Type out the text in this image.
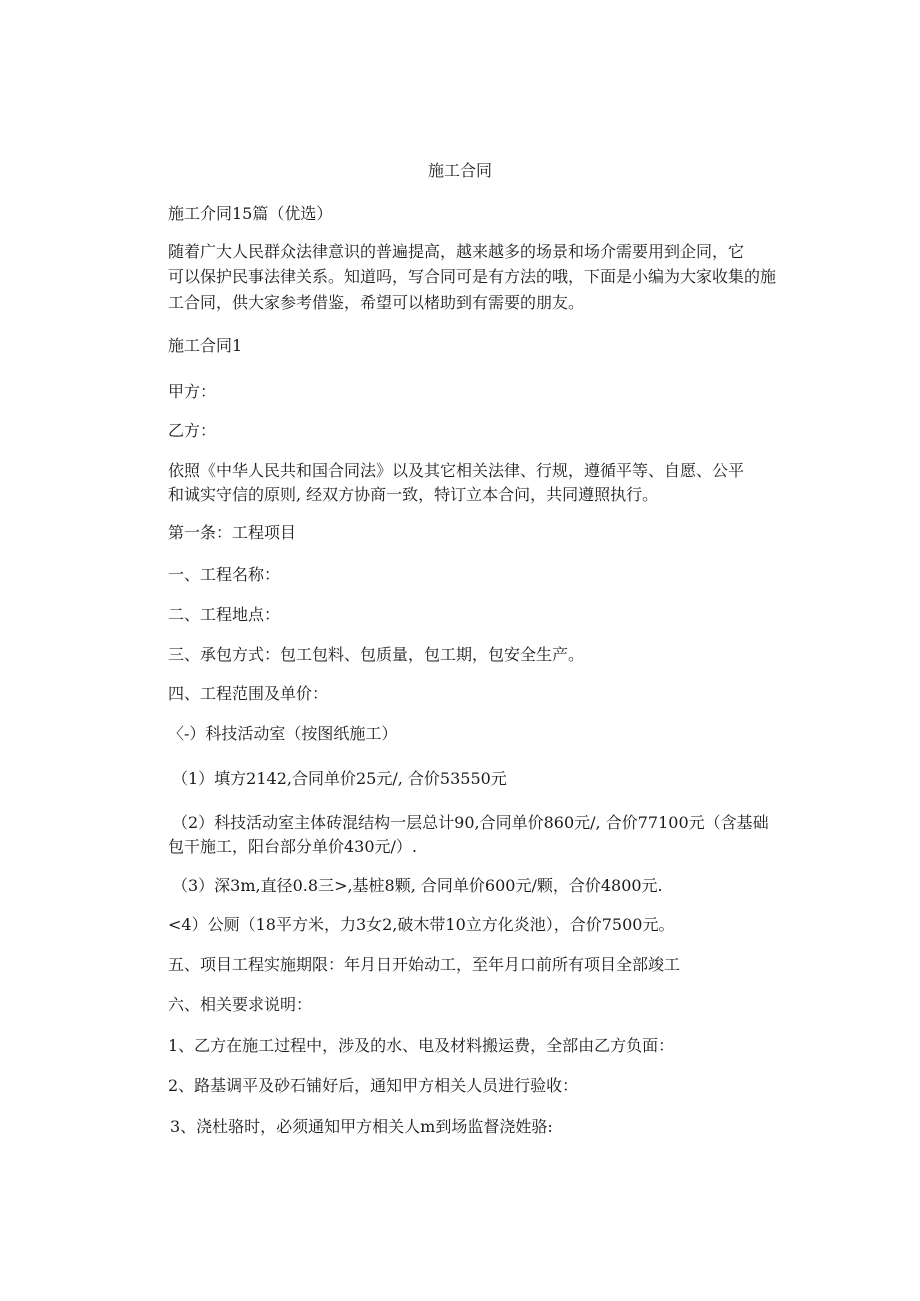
施工合同

施工介同15篇（优选）

随着广大人民群众法律意识的普遍提高，越来越多的场景和场介需要用到企同，它

可以保护民事法律关系。知道吗，写合同可是有方法的哦，下面是小编为大家收集的施

工合同，供大家参考借鉴，希望可以楮助到有需要的朋友。

施工合同1

甲方：

乙方：

依照《中华人民共和国合同法》以及其它相关法律、行规，遵循平等、自愿、公平

和诚实守信的原则, 经双方协商一致，特订立本合问，共同遵照执行。

第一条：工程项目

一、工程名称：

二、工程地点：

三、承包方式：包工包料、包质量，包工期，包安全生产。

四、工程范围及单价：

〈-）科技活动室（按图纸施工）

（1）填方2142,合同单价25元/, 合价53550元

（2）科技活动室主体砖混结构一层总计90,合同单价860元/, 合价77100元（含基础

包干施工，阳台部分单价430元/）.

（3）深3m,直径0.8三>,基桩8颗, 合同单价600元/颗，合价4800元.

<4）公厕（18平方米，力3女2,破木带10立方化炎池），合价7500元。

五、项目工程实施期限：年月日开始动工，至年月口前所有项目全部竣工

六、相关要求说明：

1、乙方在施工过程中，涉及的水、电及材料搬运费，全部由乙方负面：

2、路基调平及砂石铺好后，通知甲方相关人员进行验收：

3、浇杜骆时，必须通知甲方相关人m到场监督浇姓骆:
